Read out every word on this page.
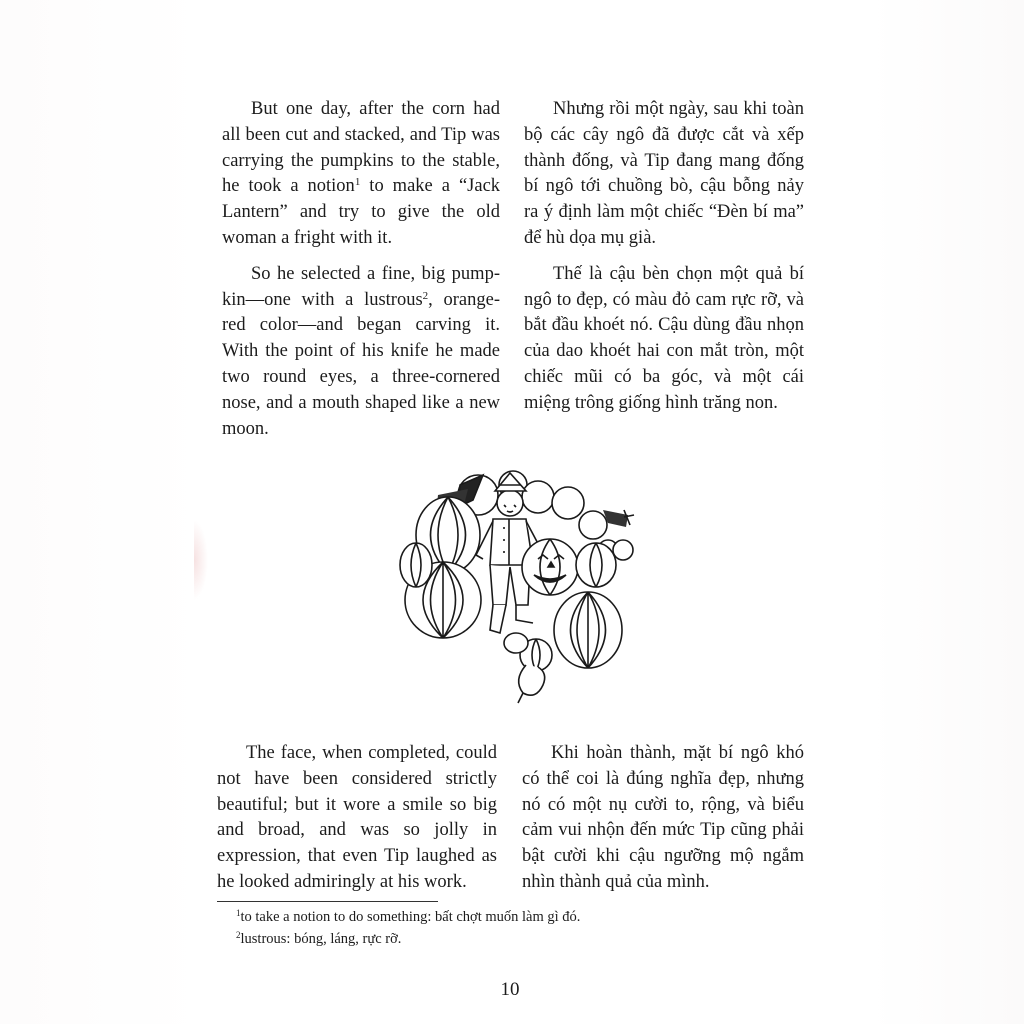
But one day, after the corn had all been cut and stacked, and Tip was carrying the pumpkins to the stable, he took a notion$^1$ to make a “Jack Lantern” and try to give the old woman a fright with it.

So he selected a fine, big pump-kin—one with a lustrous$^2$, orange- red color—and began carving it. With the point of his knife he made two round eyes, a three-cornered nose, and a mouth shaped like a new moon.

Nhưng rồi một ngày, sau khi toàn bộ các cây ngô đã được cắt và xếp thành đống, và Tip đang mang đống bí ngô tới chuồng bò, cậu bỗng nảy ra ý định làm một chiếc “Đèn bí ma” để hù dọa mụ già.

Thế là cậu bèn chọn một quả bí ngô to đẹp, có màu đỏ cam rực rỡ, và bắt đầu khoét nó. Cậu dùng đầu nhọn của dao khoét hai con mắt tròn, một chiếc mũi có ba góc, và một cái miệng trông giống hình trăng non.

The face, when completed, could not have been considered strictly beautiful; but it wore a smile so big and broad, and was so jolly in expression, that even Tip laughed as he looked admiringly at his work.

Khi hoàn thành, mặt bí ngô khó có thể coi là đúng nghĩa đẹp, nhưng nó có một nụ cười to, rộng, và biểu cảm vui nhộn đến mức Tip cũng phải bật cười khi cậu ngưỡng mộ ngắm nhìn thành quả của mình.

$^1$to take a notion to do something: bất chợt muốn làm gì đó.
$^2$lustrous: bóng, láng, rực rỡ.
10
